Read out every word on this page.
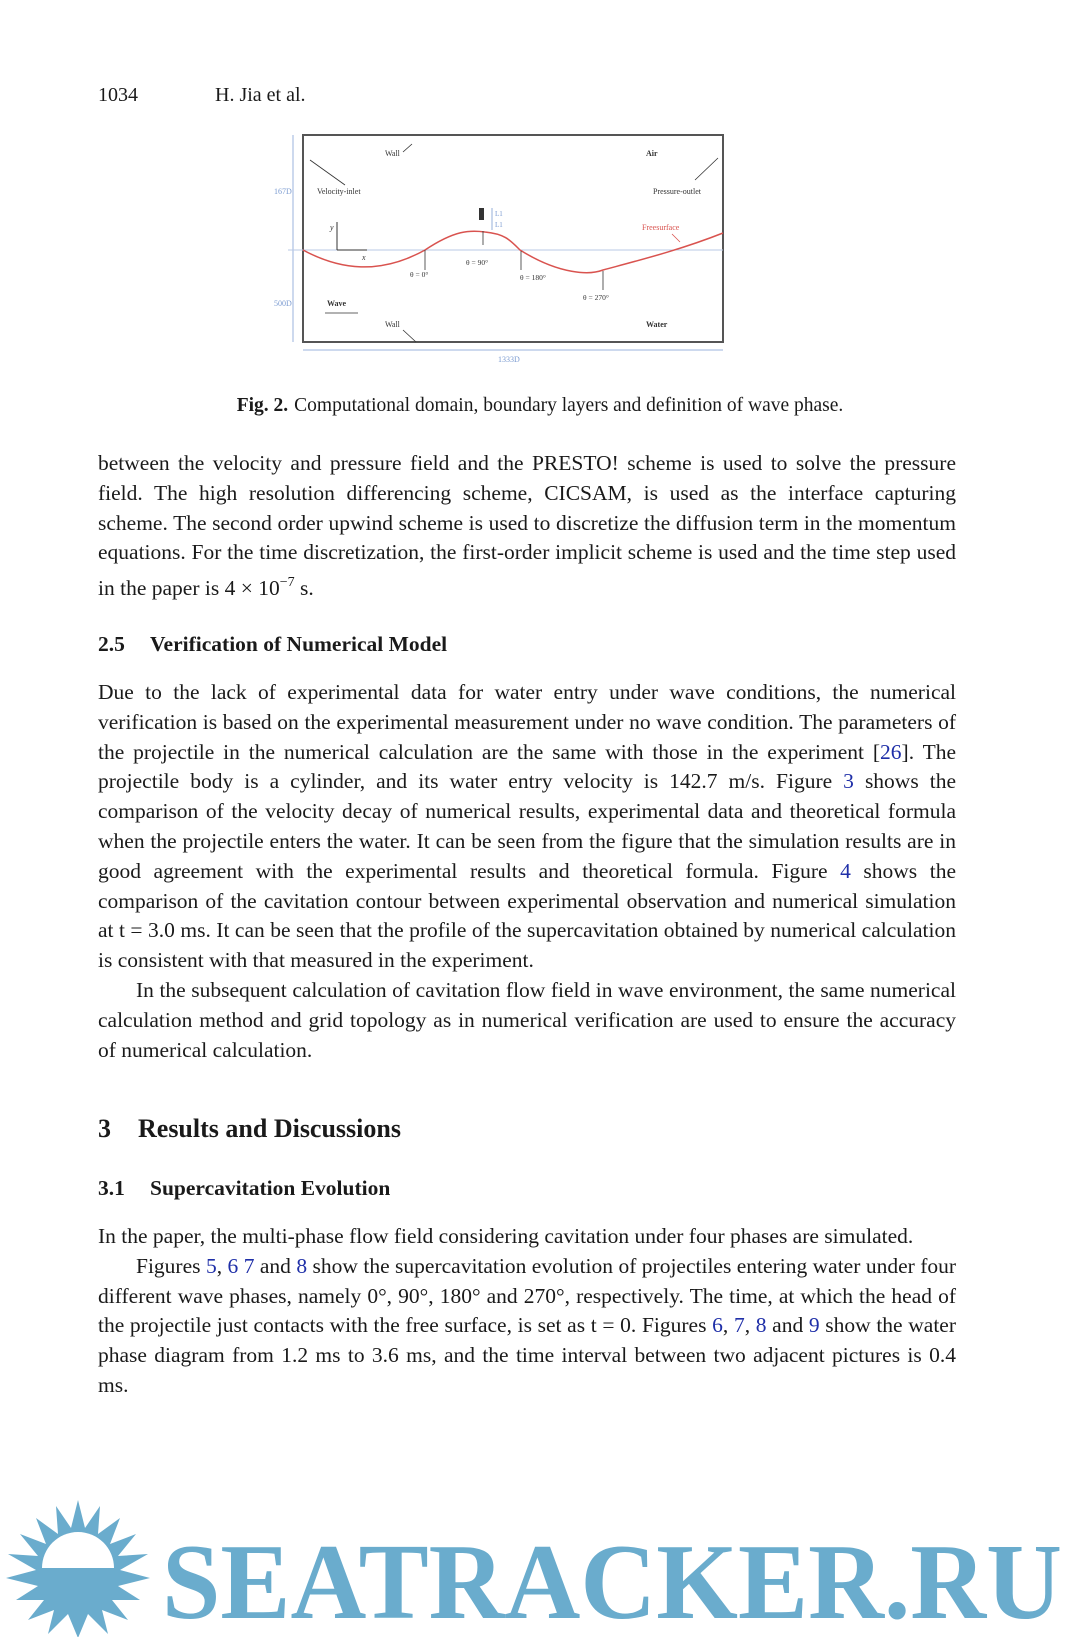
1034	H. Jia et al.
167D
500D
1333D
Wall	Air
Velocity-inlet	Pressure-outlet
Freesurface
L1
L1
y
x
θ = 0°
θ = 90°
θ = 180°
θ = 270°
Wave
Wall	Water
Fig. 2. Computational domain, boundary layers and definition of wave phase.

between the velocity and pressure field and the PRESTO! scheme is used to solve the pressure field. The high resolution differencing scheme, CICSAM, is used as the interface capturing scheme. The second order upwind scheme is used to discretize the diffusion term in the momentum equations. For the time discretization, the first-order implicit scheme is used and the time step used in the paper is $4 \times 10^{-7}$ s.

2.5 Verification of Numerical Model

Due to the lack of experimental data for water entry under wave conditions, the numerical verification is based on the experimental measurement under no wave condition. The parameters of the projectile in the numerical calculation are the same with those in the experiment [26]. The projectile body is a cylinder, and its water entry velocity is 142.7 m/s. Figure 3 shows the comparison of the velocity decay of numerical results, experimental data and theoretical formula when the projectile enters the water. It can be seen from the figure that the simulation results are in good agreement with the experimental results and theoretical formula. Figure 4 shows the comparison of the cavitation contour between experimental observation and numerical simulation at t = 3.0 ms. It can be seen that the profile of the supercavitation obtained by numerical calculation is consistent with that measured in the experiment.

In the subsequent calculation of cavitation flow field in wave environment, the same numerical calculation method and grid topology as in numerical verification are used to ensure the accuracy of numerical calculation.

3 Results and Discussions
3.1 Supercavitation Evolution

In the paper, the multi-phase flow field considering cavitation under four phases are simulated.

Figures 5, 6 7 and 8 show the supercavitation evolution of projectiles entering water under four different wave phases, namely 0°, 90°, 180° and 270°, respectively. The time, at which the head of the projectile just contacts with the free surface, is set as t = 0. Figures 6, 7, 8 and 9 show the water phase diagram from 1.2 ms to 3.6 ms, and the time interval between two adjacent pictures is 0.4 ms.

SEATRACKER.RU
